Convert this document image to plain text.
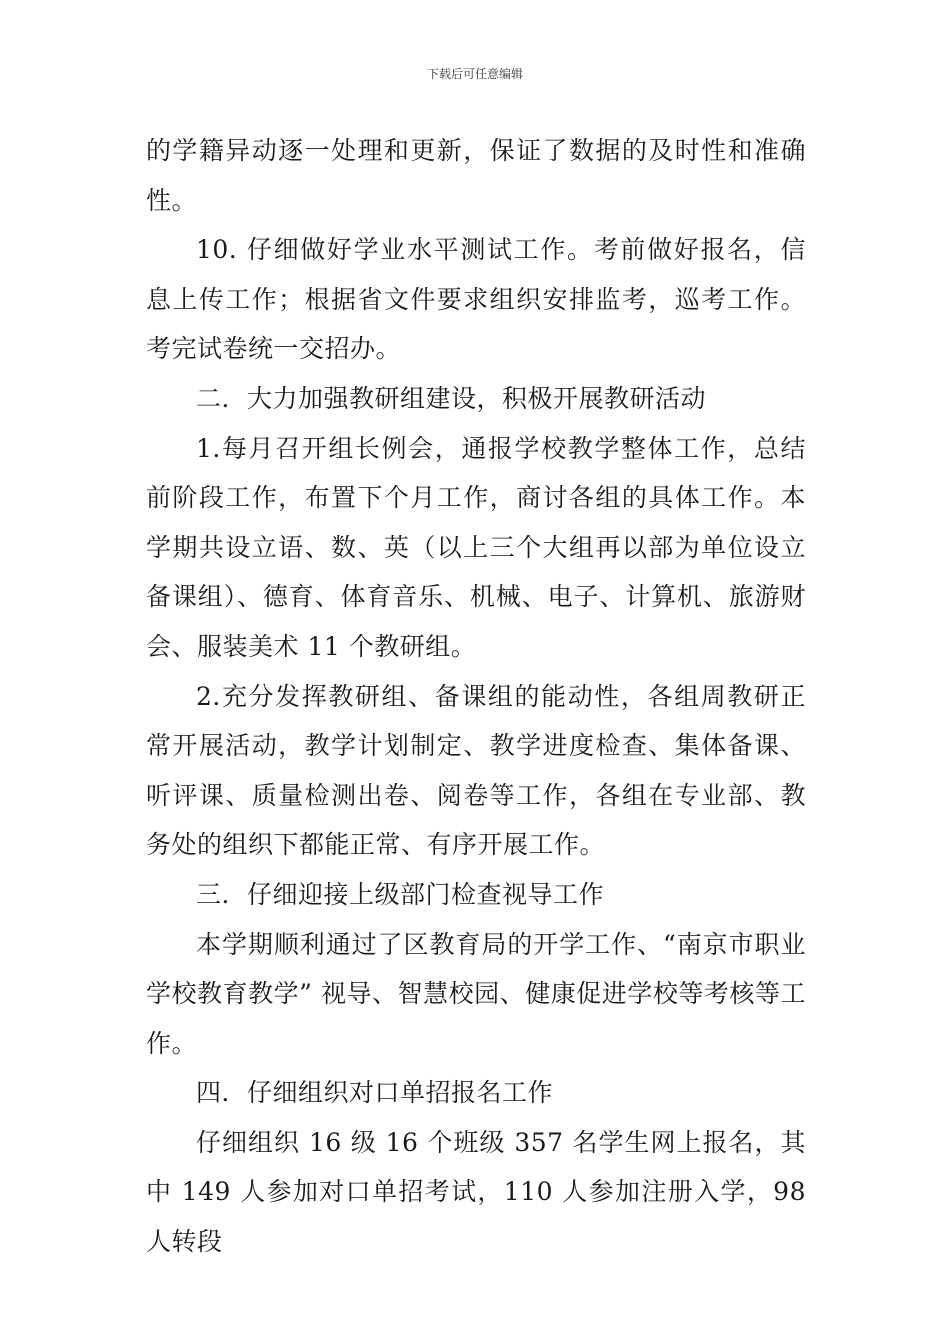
下载后可任意编辑

的学籍异动逐一处理和更新，保证了数据的及时性和准确性。

10. 仔细做好学业水平测试工作。考前做好报名，信息上传工作；根据省文件要求组织安排监考，巡考工作。考完试卷统一交招办。

二．大力加强教研组建设，积极开展教研活动

1.每月召开组长例会，通报学校教学整体工作，总结前阶段工作，布置下个月工作，商讨各组的具体工作。本学期共设立语、数、英（以上三个大组再以部为单位设立备课组）、德育、体育音乐、机械、电子、计算机、旅游财会、服装美术 11 个教研组。

2.充分发挥教研组、备课组的能动性，各组周教研正常开展活动，教学计划制定、教学进度检查、集体备课、听评课、质量检测出卷、阅卷等工作，各组在专业部、教务处的组织下都能正常、有序开展工作。

三．仔细迎接上级部门检查视导工作

本学期顺利通过了区教育局的开学工作、“南京市职业学校教育教学” 视导、智慧校园、健康促进学校等考核等工作。

四．仔细组织对口单招报名工作

仔细组织 16 级 16 个班级 357 名学生网上报名，其中 149 人参加对口单招考试，110 人参加注册入学，98 人转段
